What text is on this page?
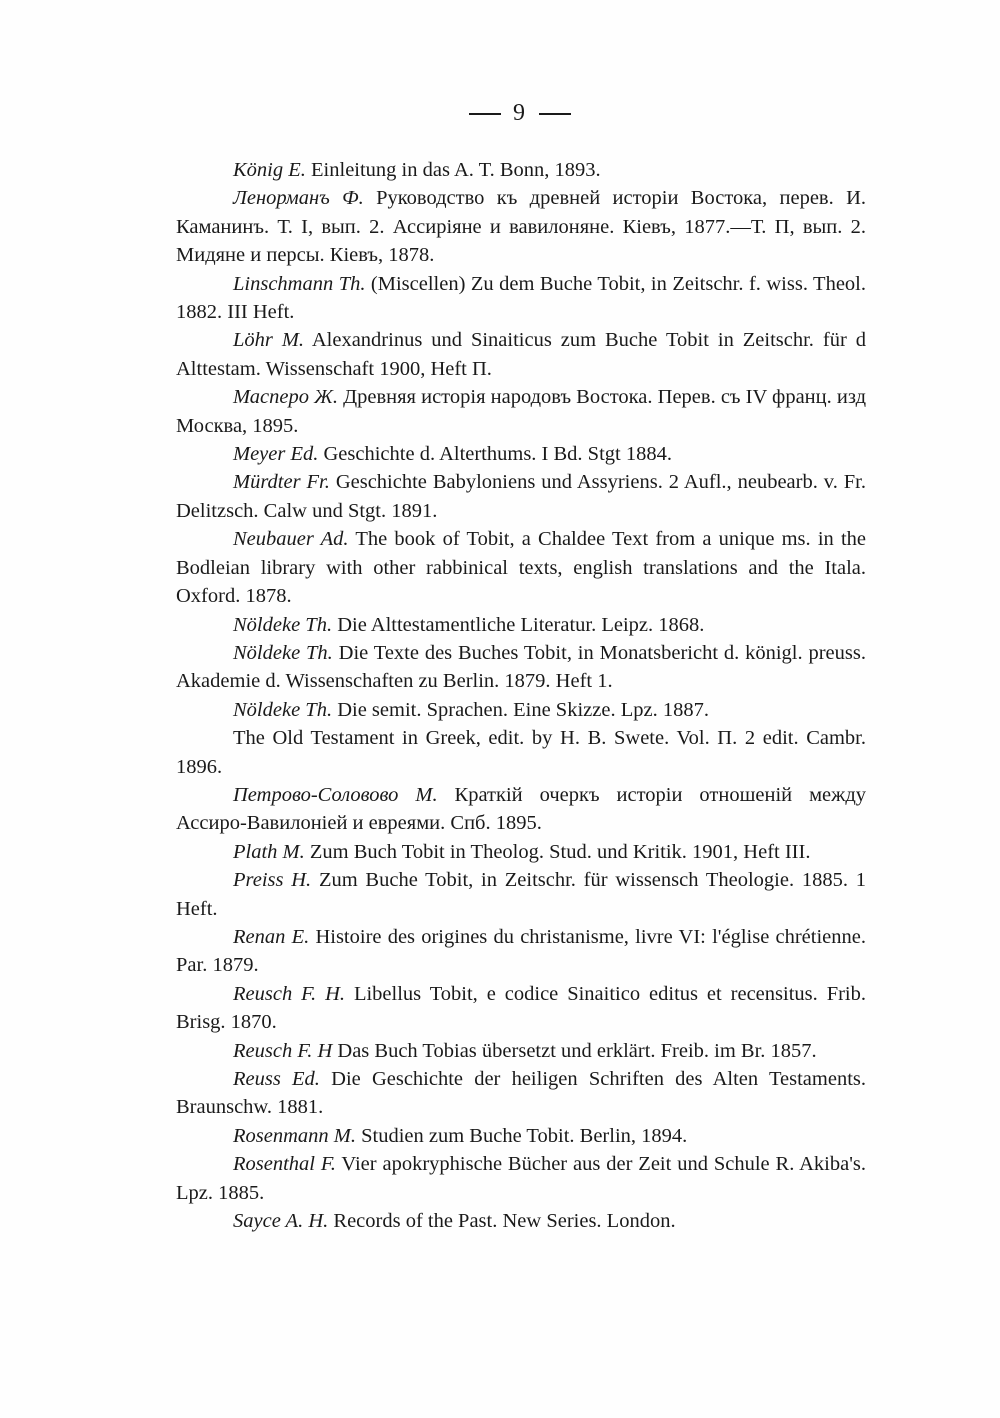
9

König E. Einleitung in das A. T. Bonn, 1893.

Ленорманъ Ф. Руководство къ древней исторіи Востока, перев. И. Каманинъ. Т. I, вып. 2. Ассиріяне и вавилоняне. Кіевъ, 1877.—Т. П, вып. 2. Мидяне и персы. Кіевъ, 1878.

Linschmann Th. (Miscellen) Zu dem Buche Tobit, in Zeitschr. f. wiss. Theol. 1882. III Heft.

Löhr M. Alexandrinus und Sinaiticus zum Buche Tobit in Zeitschr. für d Alttestam. Wissenschaft 1900, Heft П.

Масперо Ж. Древняя исторія народовъ Востока. Перев. съ IV франц. изд Москва, 1895.

Meyer Ed. Geschichte d. Alterthums. I Bd. Stgt 1884.

Mürdter Fr. Geschichte Babyloniens und Assyriens. 2 Aufl., neubearb. v. Fr. Delitzsch. Calw und Stgt. 1891.

Neubauer Ad. The book of Tobit, a Chaldee Text from a unique ms. in the Bodleian library with other rabbinical texts, english translations and the Itala. Oxford. 1878.

Nöldeke Th. Die Alttestamentliche Literatur. Leipz. 1868.

Nöldeke Th. Die Texte des Buches Tobit, in Monatsbericht d. königl. preuss. Akademie d. Wissenschaften zu Berlin. 1879. Heft 1.

Nöldeke Th. Die semit. Sprachen. Eine Skizze. Lpz. 1887.

The Old Testament in Greek, edit. by H. B. Swete. Vol. П. 2 edit. Cambr. 1896.

Петрово-Соловово М. Краткій очеркъ исторіи отношеній между Ассиро-Вавилоніей и евреями. Спб. 1895.

Plath M. Zum Buch Tobit in Theolog. Stud. und Kritik. 1901, Heft III.

Preiss H. Zum Buche Tobit, in Zeitschr. für wissensch Theologie. 1885. 1 Heft.

Renan E. Histoire des origines du christanisme, livre VI: l'église chrétienne. Par. 1879.

Reusch F. H. Libellus Tobit, e codice Sinaitico editus et recensitus. Frib. Brisg. 1870.

Reusch F. H Das Buch Tobias übersetzt und erklärt. Freib. im Br. 1857.

Reuss Ed. Die Geschichte der heiligen Schriften des Alten Testaments. Braunschw. 1881.

Rosenmann M. Studien zum Buche Tobit. Berlin, 1894.

Rosenthal F. Vier apokryphische Bücher aus der Zeit und Schule R. Akiba's. Lpz. 1885.

Sayce A. H. Records of the Past. New Series. London.
